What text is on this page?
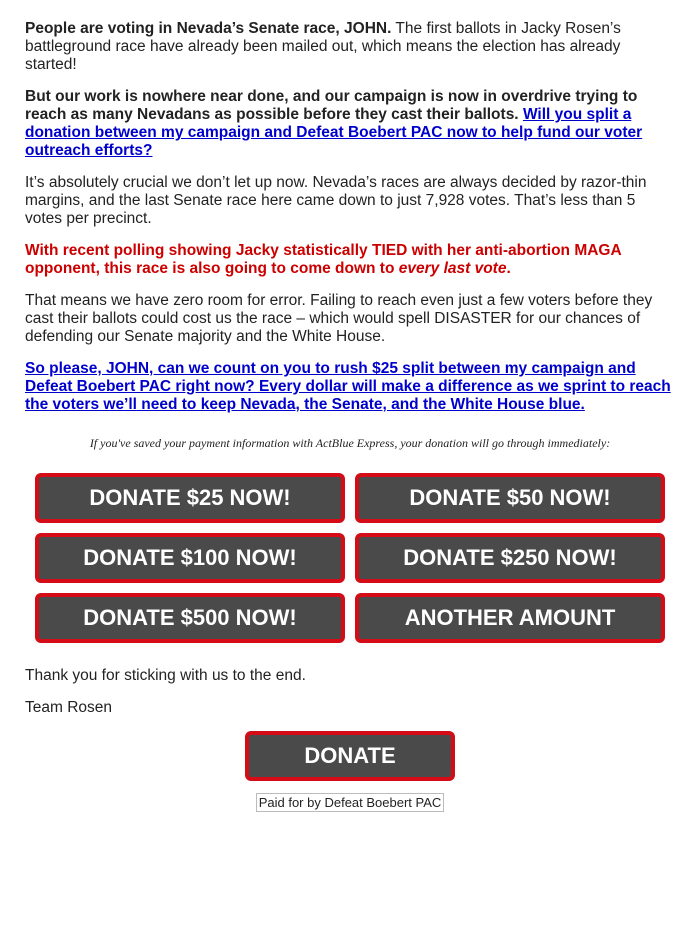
People are voting in Nevada’s Senate race, JOHN. The first ballots in Jacky Rosen’s battleground race have already been mailed out, which means the election has already started!

But our work is nowhere near done, and our campaign is now in overdrive trying to reach as many Nevadans as possible before they cast their ballots. Will you split a donation between my campaign and Defeat Boebert PAC now to help fund our voter outreach efforts?

It’s absolutely crucial we don’t let up now. Nevada’s races are always decided by razor-thin margins, and the last Senate race here came down to just 7,928 votes. That’s less than 5 votes per precinct.

With recent polling showing Jacky statistically TIED with her anti-abortion MAGA opponent, this race is also going to come down to every last vote.

That means we have zero room for error. Failing to reach even just a few voters before they cast their ballots could cost us the race – which would spell DISASTER for our chances of defending our Senate majority and the White House.

So please, JOHN, can we count on you to rush $25 split between my campaign and Defeat Boebert PAC right now? Every dollar will make a difference as we sprint to reach the voters we’ll need to keep Nevada, the Senate, and the White House blue.

If you've saved your payment information with ActBlue Express, your donation will go through immediately:
DONATE $25 NOW!	DONATE $50 NOW!
DONATE $100 NOW!	DONATE $250 NOW!
DONATE $500 NOW!	ANOTHER AMOUNT

Thank you for sticking with us to the end.

Team Rosen

DONATE
Paid for by Defeat Boebert PAC
